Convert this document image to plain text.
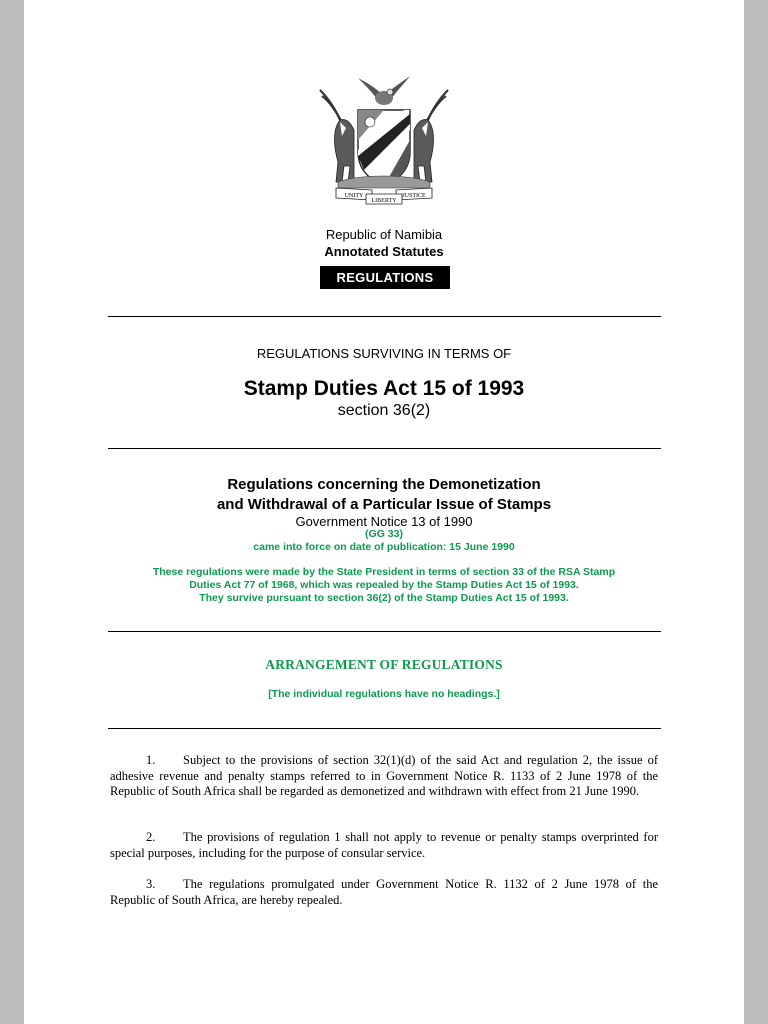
UNITY
LIBERTY
JUSTICE
Republic of Namibia
Annotated Statutes
REGULATIONS

REGULATIONS SURVIVING IN TERMS OF

Stamp Duties Act 15 of 1993

section 36(2)

Regulations concerning the Demonetization
and Withdrawal of a Particular Issue of Stamps

Government Notice 13 of 1990

(GG 33)

came into force on date of publication: 15 June 1990

These regulations were made by the State President in terms of section 33 of the RSA Stamp
Duties Act 77 of 1968, which was repealed by the Stamp Duties Act 15 of 1993.
They survive pursuant to section 36(2) of the Stamp Duties Act 15 of 1993.

ARRANGEMENT OF REGULATIONS

[The individual regulations have no headings.]

1. Subject to the provisions of section 32(1)(d) of the said Act and regulation 2, the issue of adhesive revenue and penalty stamps referred to in Government Notice R. 1133 of 2 June 1978 of the Republic of South Africa shall be regarded as demonetized and withdrawn with effect from 21 June 1990.

2. The provisions of regulation 1 shall not apply to revenue or penalty stamps overprinted for special purposes, including for the purpose of consular service.

3. The regulations promulgated under Government Notice R. 1132 of 2 June 1978 of the Republic of South Africa, are hereby repealed.
